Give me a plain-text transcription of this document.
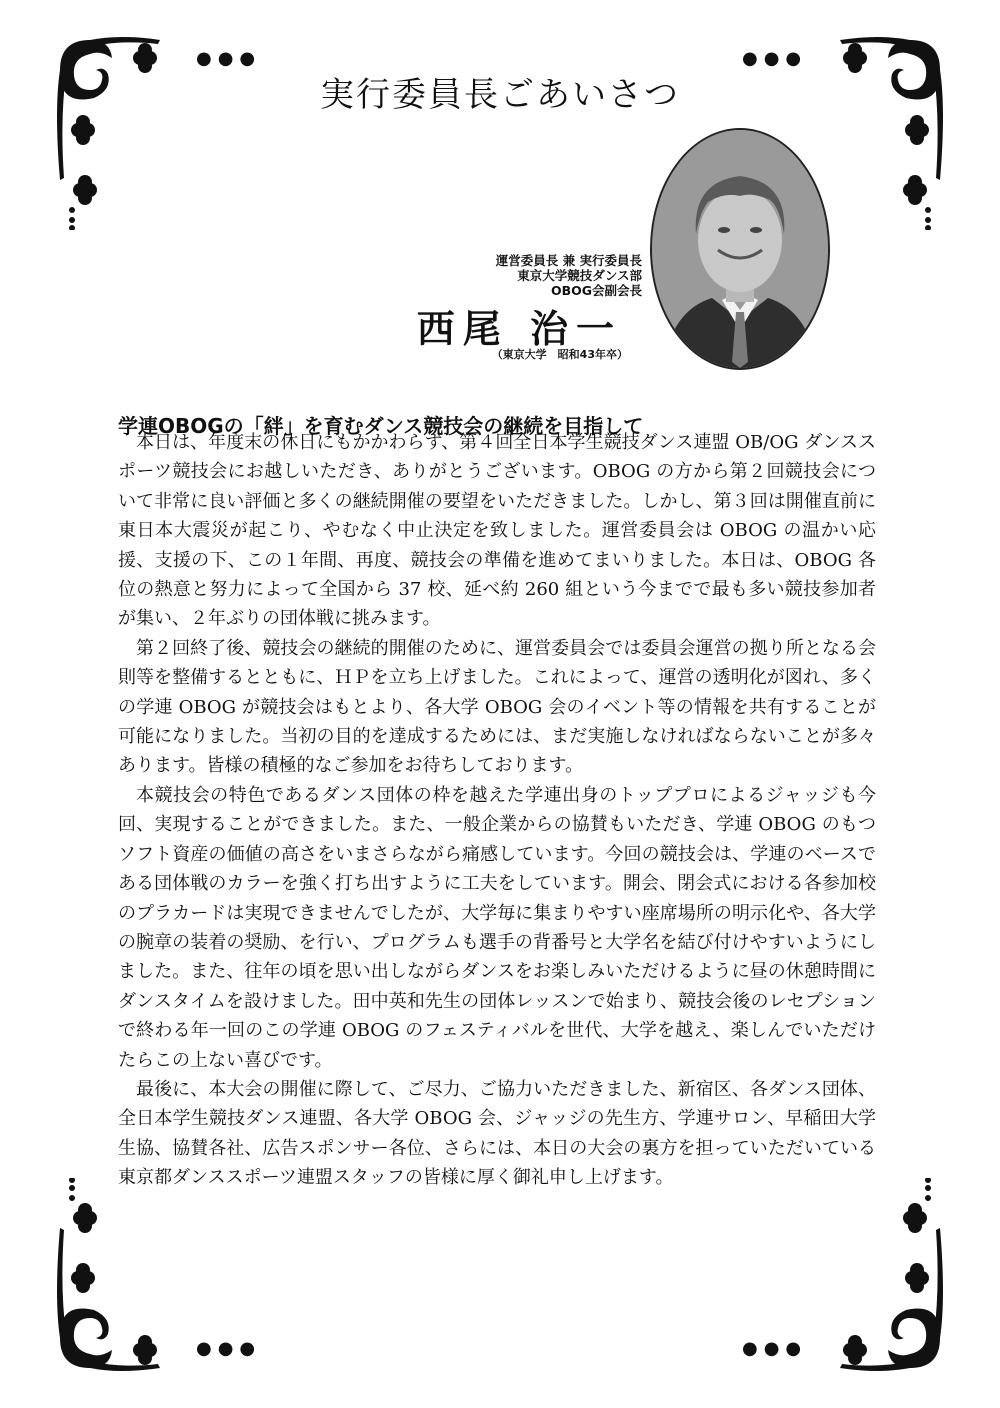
●●●	●●●
●●●	●●●
実行委員長ごあいさつ
運営委員長 兼 実行委員長
東京大学競技ダンス部
OBOG会副会長
西尾 治一
（東京大学　昭和43年卒）
学連OBOGの「絆」を育むダンス競技会の継続を目指して

本日は、年度末の休日にもかかわらず、第４回全日本学生競技ダンス連盟 OB/OG ダンススポーツ競技会にお越しいただき、ありがとうございます。OBOG の方から第２回競技会について非常に良い評価と多くの継続開催の要望をいただきました。しかし、第３回は開催直前に東日本大震災が起こり、やむなく中止決定を致しました。運営委員会は OBOG の温かい応援、支援の下、この１年間、再度、競技会の準備を進めてまいりました。本日は、OBOG 各位の熱意と努力によって全国から 37 校、延べ約 260 組という今までで最も多い競技参加者が集い、２年ぶりの団体戦に挑みます。

第２回終了後、競技会の継続的開催のために、運営委員会では委員会運営の拠り所となる会則等を整備するとともに、ＨＰを立ち上げました。これによって、運営の透明化が図れ、多くの学連 OBOG が競技会はもとより、各大学 OBOG 会のイベント等の情報を共有することが可能になりました。当初の目的を達成するためには、まだ実施しなければならないことが多々あります。皆様の積極的なご参加をお待ちしております。

本競技会の特色であるダンス団体の枠を越えた学連出身のトッププロによるジャッジも今回、実現することができました。また、一般企業からの協賛もいただき、学連 OBOG のもつソフト資産の価値の高さをいまさらながら痛感しています。今回の競技会は、学連のベースである団体戦のカラーを強く打ち出すように工夫をしています。開会、閉会式における各参加校のプラカードは実現できませんでしたが、大学毎に集まりやすい座席場所の明示化や、各大学の腕章の装着の奨励、を行い、プログラムも選手の背番号と大学名を結び付けやすいようにしました。また、往年の頃を思い出しながらダンスをお楽しみいただけるように昼の休憩時間にダンスタイムを設けました。田中英和先生の団体レッスンで始まり、競技会後のレセプションで終わる年一回のこの学連 OBOG のフェスティバルを世代、大学を越え、楽しんでいただけたらこの上ない喜びです。

最後に、本大会の開催に際して、ご尽力、ご協力いただきました、新宿区、各ダンス団体、全日本学生競技ダンス連盟、各大学 OBOG 会、ジャッジの先生方、学連サロン、早稲田大学生協、協賛各社、広告スポンサー各位、さらには、本日の大会の裏方を担っていただいている東京都ダンススポーツ連盟スタッフの皆様に厚く御礼申し上げます。
